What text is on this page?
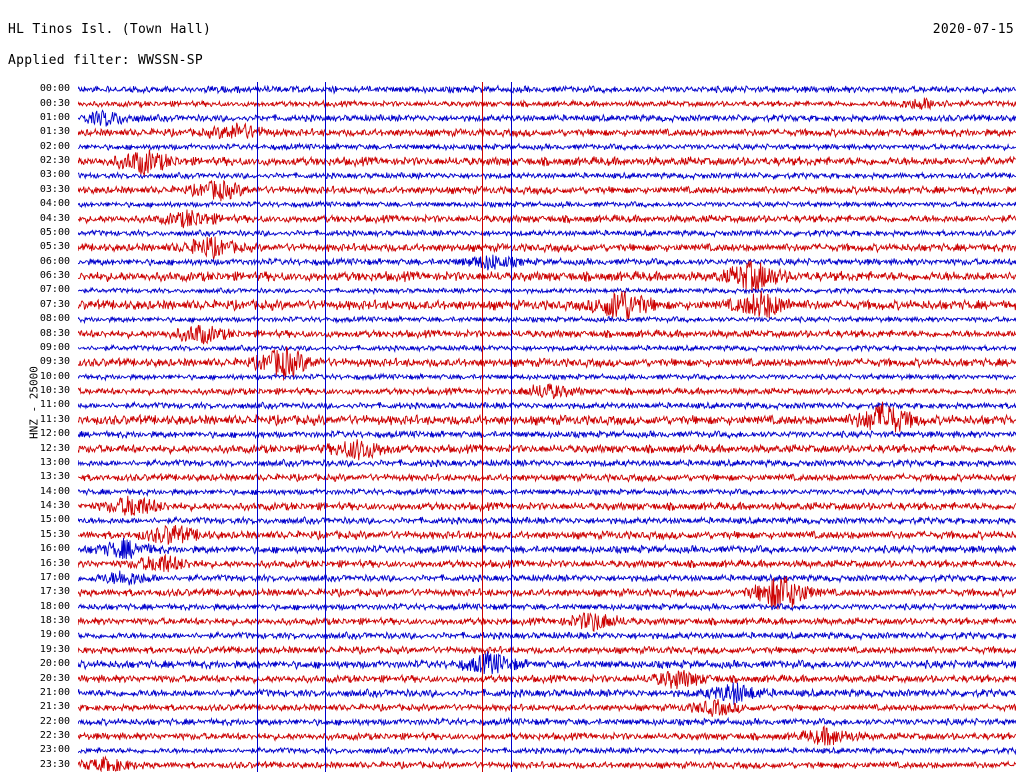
HL Tinos Isl. (Town Hall)
Applied filter: WWSSN-SP
2020-07-15
HNZ - 25000
00:00
00:30
01:00
01:30
02:00
02:30
03:00
03:30
04:00
04:30
05:00
05:30
06:00
06:30
07:00
07:30
08:00
08:30
09:00
09:30
10:00
10:30
11:00
11:30
12:00
12:30
13:00
13:30
14:00
14:30
15:00
15:30
16:00
16:30
17:00
17:30
18:00
18:30
19:00
19:30
20:00
20:30
21:00
21:30
22:00
22:30
23:00
23:30
